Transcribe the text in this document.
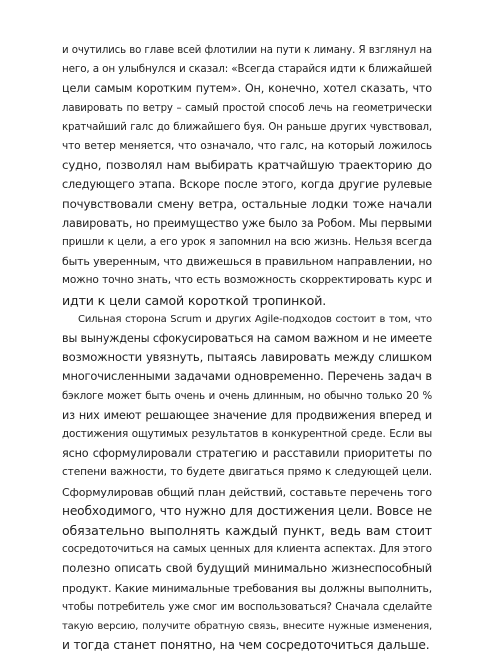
и очутились во главе всей флотилии на пути к лиману. Я взглянул на
него, а он улыбнулся и сказал: «Всегда старайся идти к ближайшей
цели самым коротким путем». Он, конечно, хотел сказать, что
лавировать по ветру – самый простой способ лечь на геометрически
кратчайший галс до ближайшего буя. Он раньше других чувствовал,
что ветер меняется, что означало, что галс, на который ложилось
судно, позволял нам выбирать кратчайшую траекторию до
следующего этапа. Вскоре после этого, когда другие рулевые
почувствовали смену ветра, остальные лодки тоже начали
лавировать, но преимущество уже было за Робом. Мы первыми
пришли к цели, а его урок я запомнил на всю жизнь. Нельзя всегда
быть уверенным, что движешься в правильном направлении, но
можно точно знать, что есть возможность скорректировать курс и
идти к цели самой короткой тропинкой.

Сильная сторона Scrum и других Agile-подходов состоит в том, что
вы вынуждены сфокусироваться на самом важном и не имеете
возможности увязнуть, пытаясь лавировать между слишком
многочисленными задачами одновременно. Перечень задач в
бэклоге может быть очень и очень длинным, но обычно только 20 %
из них имеют решающее значение для продвижения вперед и
достижения ощутимых результатов в конкурентной среде. Если вы
ясно сформулировали стратегию и расставили приоритеты по
степени важности, то будете двигаться прямо к следующей цели.
Сформулировав общий план действий, составьте перечень того
необходимого, что нужно для достижения цели. Вовсе не
обязательно выполнять каждый пункт, ведь вам стоит
сосредоточиться на самых ценных для клиента аспектах. Для этого
полезно описать свой будущий минимально жизнеспособный
продукт. Какие минимальные требования вы должны выполнить,
чтобы потребитель уже смог им воспользоваться? Сначала сделайте
такую версию, получите обратную связь, внесите нужные изменения,
и тогда станет понятно, на чем сосредоточиться дальше.
